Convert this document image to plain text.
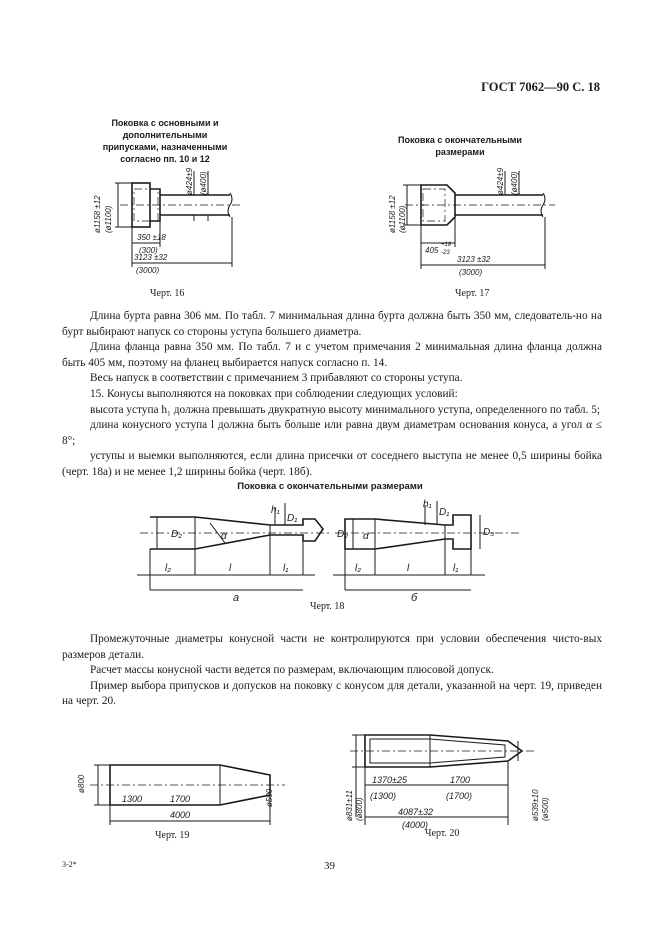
ГОСТ 7062—90 С. 18
Поковка с основными и
дополнительными
припусками, назначенными
согласно пп. 10 и 12
ø1158 ±12 (ø1100)
ø424±9 (ø400)
350 ±18
(300)
3123 ±32
(3000)
Черт. 16
Поковка с окончательными
размерами
ø1158 ±12 (ø1100)
ø424±9 (ø400)
405
+18
-23
3123 ±32
(3000)
Черт. 17

Длина бурта равна 306 мм. По табл. 7 минимальная длина бурта должна быть 350 мм, следователь-но на бурт выбирают напуск со стороны уступа большего диаметра.

Длина фланца равна 350 мм. По табл. 7 и с учетом примечания 2 минимальная длина фланца должна быть 405 мм, поэтому на фланец выбирается напуск согласно п. 14.

Весь напуск в соответствии с примечанием 3 прибавляют со стороны уступа.

15. Конусы выполняются на поковках при соблюдении следующих условий:

высота уступа h₁ должна превышать двукратную высоту минимального уступа, определенного по табл. 5;

длина конусного уступа l должна быть больше или равна двум диаметрам основания конуса, а угол α ≤ 8°;

уступы и выемки выполняются, если длина присечки от соседнего выступа не менее 0,5 ширины бойка (черт. 18а) и не менее 1,2 ширины бойка (черт. 18б).

Поковка с окончательными размерами
D₂	α
h₁
D₁
l₂	l	l₁
а
D₂ α
h₁
D₁
D₃
l₂	l	l₁
б
Черт. 18

Промежуточные диаметры конусной части не контролируются при условии обеспечения чисто-вых размеров детали.

Расчет массы конусной части ведется по размерам, включающим плюсовой допуск.

Пример выбора припусков и допусков на поковку с конусом для детали, указанной на черт. 19, приведен на черт. 20.

ø800
ø500
1300	1700
4000
Черт. 19
ø831±11 (ø800)	ø539±10 (ø500)
1370±25
(1300)
1700
(1700)
4087±32
(4000)
Черт. 20
3-2*	39
